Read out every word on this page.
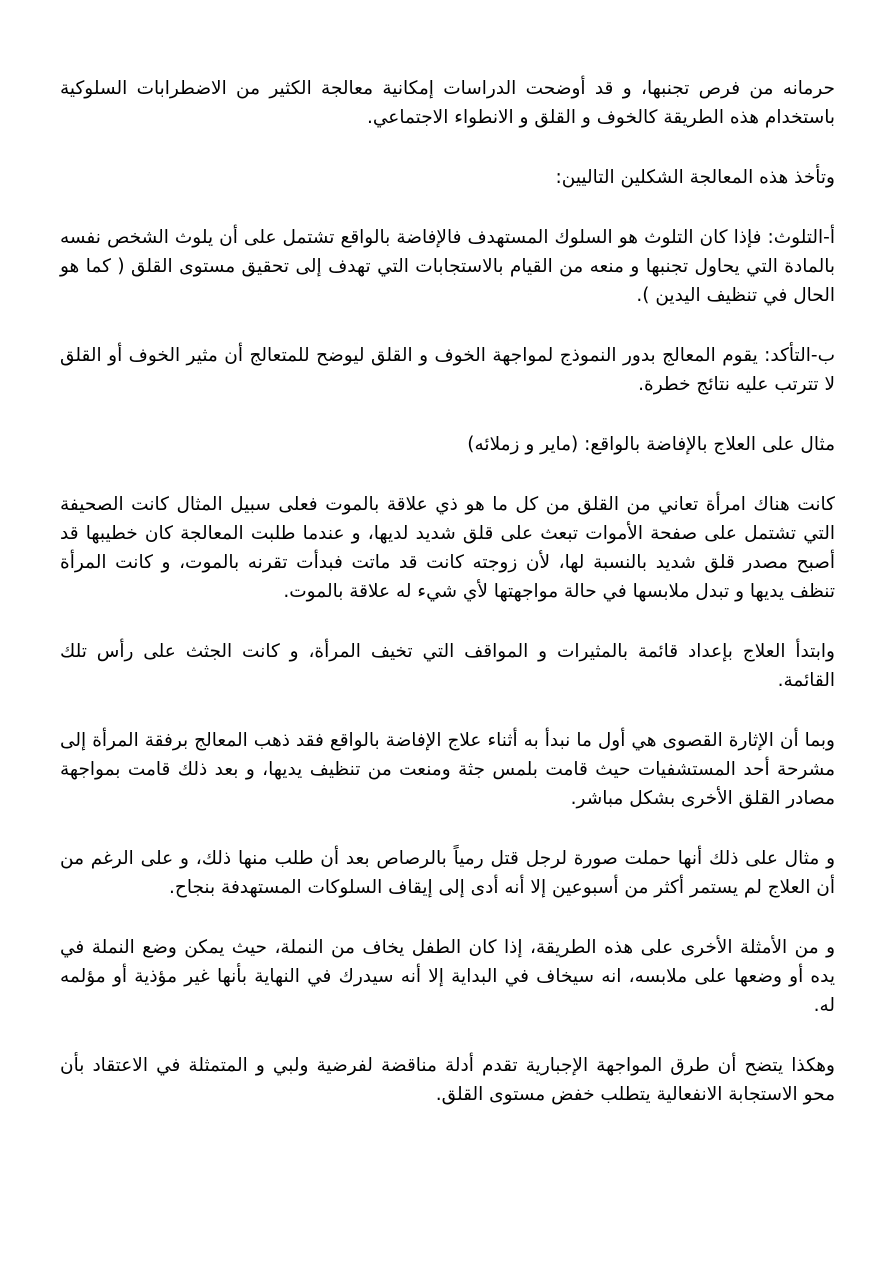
حرمانه من فرص تجنبها، و قد أوضحت الدراسات إمكانية معالجة الكثير من الاضطرابات السلوكية باستخدام هذه الطريقة كالخوف و القلق و الانطواء الاجتماعي.

وتأخذ هذه المعالجة الشكلين التاليين:

أ-التلوث: فإذا كان التلوث هو السلوك المستهدف فالإفاضة بالواقع تشتمل على أن يلوث الشخص نفسه بالمادة التي يحاول تجنبها و منعه من القيام بالاستجابات التي تهدف إلى تحقيق مستوى القلق ( كما هو الحال في تنظيف اليدين ).

ب-التأكد: يقوم المعالج بدور النموذج لمواجهة الخوف و القلق ليوضح للمتعالج أن مثير الخوف أو القلق لا تترتب عليه نتائج خطرة.

مثال على العلاج بالإفاضة بالواقع: (ماير و زملائه)

كانت هناك امرأة تعاني من القلق من كل ما هو ذي علاقة بالموت فعلى سبيل المثال كانت الصحيفة التي تشتمل على صفحة الأموات تبعث على قلق شديد لديها، و عندما طلبت المعالجة كان خطيبها قد أصبح مصدر قلق شديد بالنسبة لها، لأن زوجته كانت قد ماتت فبدأت تقرنه بالموت، و كانت المرأة تنظف يديها و تبدل ملابسها في حالة مواجهتها لأي شيء له علاقة بالموت.

وابتدأ العلاج بإعداد قائمة بالمثيرات و المواقف التي تخيف المرأة، و كانت الجثث على رأس تلك القائمة.

وبما أن الإثارة القصوى هي أول ما نبدأ به أثناء علاج الإفاضة بالواقع فقد ذهب المعالج برفقة المرأة إلى مشرحة أحد المستشفيات حيث قامت بلمس جثة ومنعت من تنظيف يديها، و بعد ذلك قامت بمواجهة مصادر القلق الأخرى بشكل مباشر.

و مثال على ذلك أنها حملت صورة لرجل قتل رمياً بالرصاص بعد أن طلب منها ذلك، و على الرغم من أن العلاج لم يستمر أكثر من أسبوعين إلا أنه أدى إلى إيقاف السلوكات المستهدفة بنجاح.

و من الأمثلة الأخرى على هذه الطريقة، إذا كان الطفل يخاف من النملة، حيث يمكن وضع النملة في يده أو وضعها على ملابسه، انه سيخاف في البداية إلا أنه سيدرك في النهاية بأنها غير مؤذية أو مؤلمه له.

وهكذا يتضح أن طرق المواجهة الإجبارية تقدم أدلة مناقضة لفرضية ولبي و المتمثلة في الاعتقاد بأن محو الاستجابة الانفعالية يتطلب خفض مستوى القلق.
